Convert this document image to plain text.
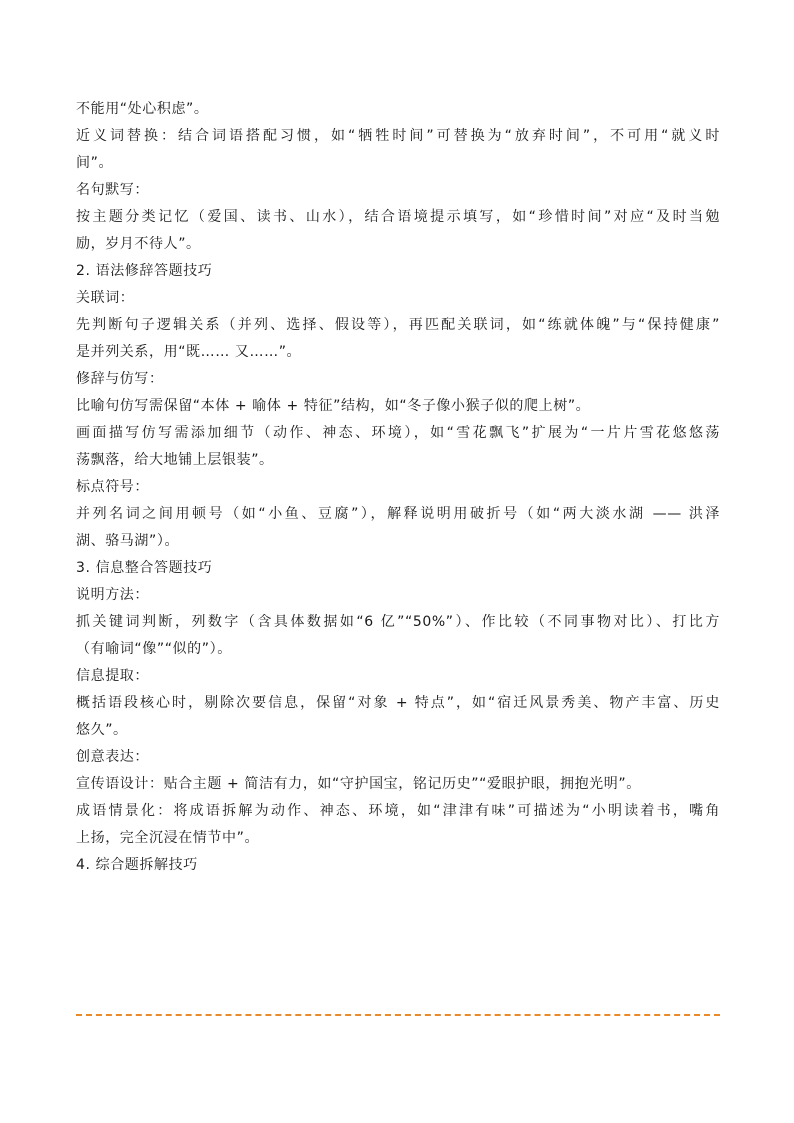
不能用“处心积虑”。
近义词替换：结合词语搭配习惯，如“牺牲时间”可替换为“放弃时间”，不可用“就义时
间”。
名句默写：
按主题分类记忆（爱国、读书、山水），结合语境提示填写，如“珍惜时间”对应“及时当勉
励，岁月不待人”。
2. 语法修辞答题技巧
关联词：
先判断句子逻辑关系（并列、选择、假设等），再匹配关联词，如“练就体魄”与“保持健康”
是并列关系，用“既…… 又……”。
修辞与仿写：
比喻句仿写需保留“本体 + 喻体 + 特征”结构，如“冬子像小猴子似的爬上树”。
画面描写仿写需添加细节（动作、神态、环境），如“雪花飘飞”扩展为“一片片雪花悠悠荡
荡飘落，给大地铺上层银装”。
标点符号：
并列名词之间用顿号（如“小鱼、豆腐”），解释说明用破折号（如“两大淡水湖 —— 洪泽
湖、骆马湖”）。
3. 信息整合答题技巧
说明方法：
抓关键词判断，列数字（含具体数据如“6 亿”“50%”）、作比较（不同事物对比）、打比方
（有喻词“像”“似的”）。
信息提取：
概括语段核心时，剔除次要信息，保留“对象 + 特点”，如“宿迁风景秀美、物产丰富、历史
悠久”。
创意表达：
宣传语设计：贴合主题 + 简洁有力，如“守护国宝，铭记历史”“爱眼护眼，拥抱光明”。
成语情景化：将成语拆解为动作、神态、环境，如“津津有味”可描述为“小明读着书，嘴角
上扬，完全沉浸在情节中”。
4. 综合题拆解技巧
